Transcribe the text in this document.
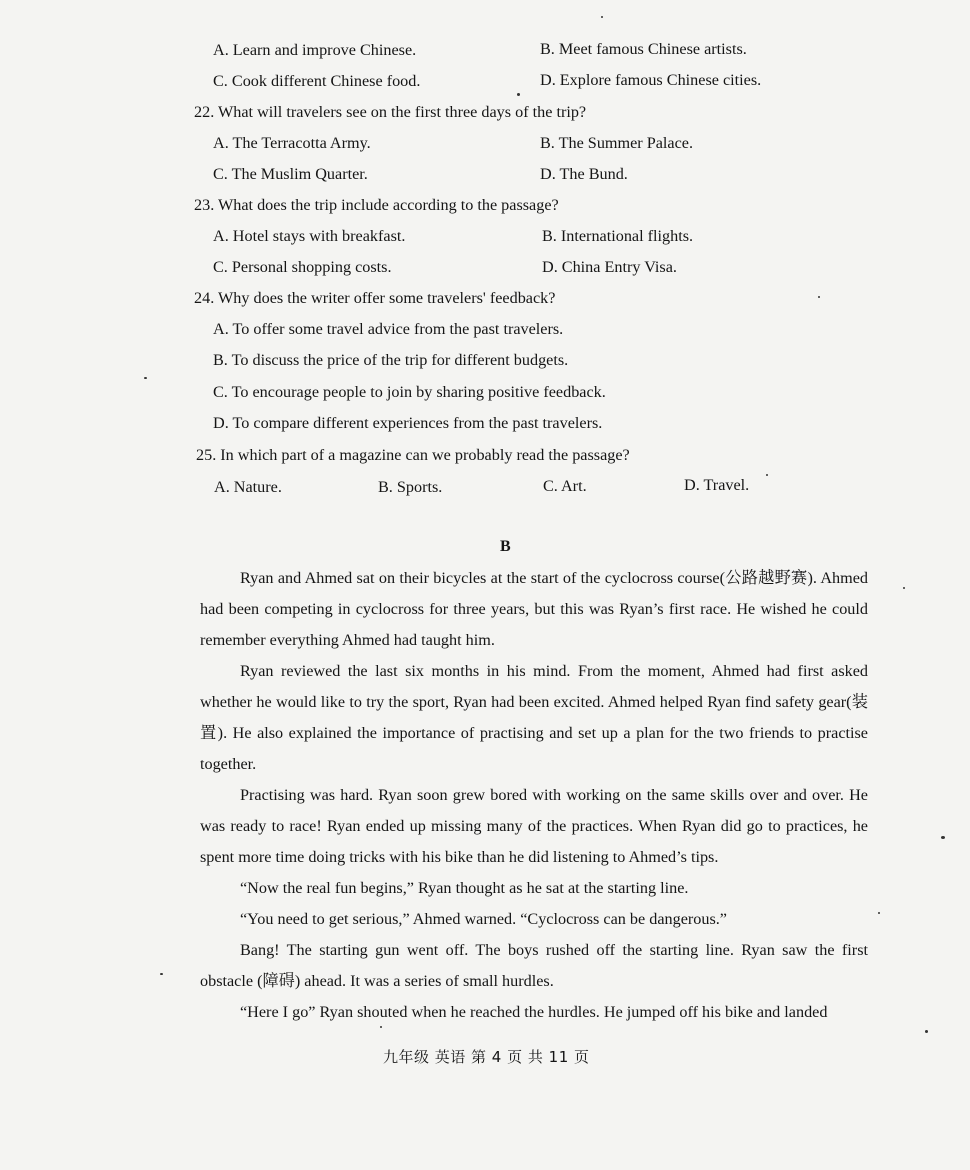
A. Learn and improve Chinese.	B. Meet famous Chinese artists.
C. Cook different Chinese food.	D. Explore famous Chinese cities.
22. What will travelers see on the first three days of the trip?
A. The Terracotta Army.	B. The Summer Palace.
C. The Muslim Quarter.	D. The Bund.
23. What does the trip include according to the passage?
A. Hotel stays with breakfast.	B. International flights.
C. Personal shopping costs.	D. China Entry Visa.
24. Why does the writer offer some travelers' feedback?
A. To offer some travel advice from the past travelers.
B. To discuss the price of the trip for different budgets.
C. To encourage people to join by sharing positive feedback.
D. To compare different experiences from the past travelers.
25. In which part of a magazine can we probably read the passage?
A. Nature.	B. Sports.	C. Art.	D. Travel.
B

Ryan and Ahmed sat on their bicycles at the start of the cyclocross course(公路越野赛). Ahmed had been competing in cyclocross for three years, but this was Ryan’s first race. He wished he could remember everything Ahmed had taught him.

Ryan reviewed the last six months in his mind. From the moment, Ahmed had first asked whether he would like to try the sport, Ryan had been excited. Ahmed helped Ryan find safety gear(装置). He also explained the importance of practising and set up a plan for the two friends to practise together.

Practising was hard. Ryan soon grew bored with working on the same skills over and over. He was ready to race! Ryan ended up missing many of the practices. When Ryan did go to practices, he spent more time doing tricks with his bike than he did listening to Ahmed’s tips.

“Now the real fun begins,” Ryan thought as he sat at the starting line.

“You need to get serious,” Ahmed warned. “Cyclocross can be dangerous.”

Bang! The starting gun went off. The boys rushed off the starting line. Ryan saw the first obstacle (障碍) ahead. It was a series of small hurdles.

“Here I go” Ryan shouted when he reached the hurdles. He jumped off his bike and landed

九年级 英语 第 4 页 共 11 页
